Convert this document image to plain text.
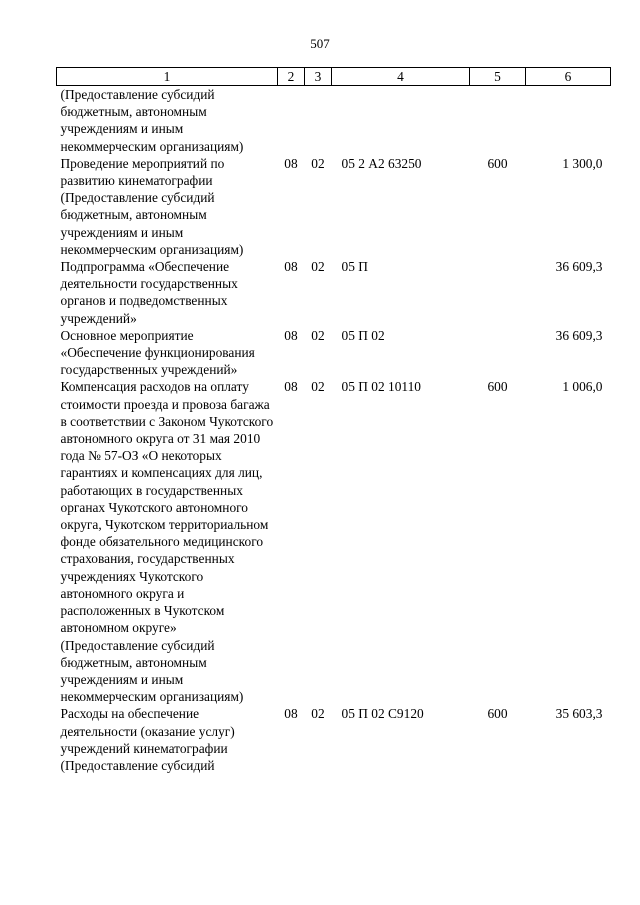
507
1	2	3	4	5	6
(Предоставление субсидий бюджетным, автономным учреждениям и иным некоммерческим организациям)					
Проведение мероприятий по развитию кинематографии (Предоставление субсидий бюджетным, автономным учреждениям и иным некоммерческим организациям)	08	02	05 2 А2 63250	600	1 300,0
Подпрограмма «Обеспечение деятельности государственных органов и подведомственных учреждений»	08	02	05 П		36 609,3
Основное мероприятие «Обеспечение функционирования государственных учреждений»	08	02	05 П 02		36 609,3
Компенсация расходов на оплату стоимости проезда и провоза багажа в соответствии с Законом Чукотского автономного округа от 31 мая 2010 года № 57-ОЗ «О некоторых гарантиях и компенсациях для лиц, работающих в государственных органах Чукотского автономного округа, Чукотском территориальном фонде обязательного медицинского страхования, государственных учреждениях Чукотского автономного округа и расположенных в Чукотском автономном округе» (Предоставление субсидий бюджетным, автономным учреждениям и иным некоммерческим организациям)	08	02	05 П 02 10110	600	1 006,0
Расходы на обеспечение деятельности (оказание услуг) учреждений кинематографии (Предоставление субсидий	08	02	05 П 02 С9120	600	35 603,3
